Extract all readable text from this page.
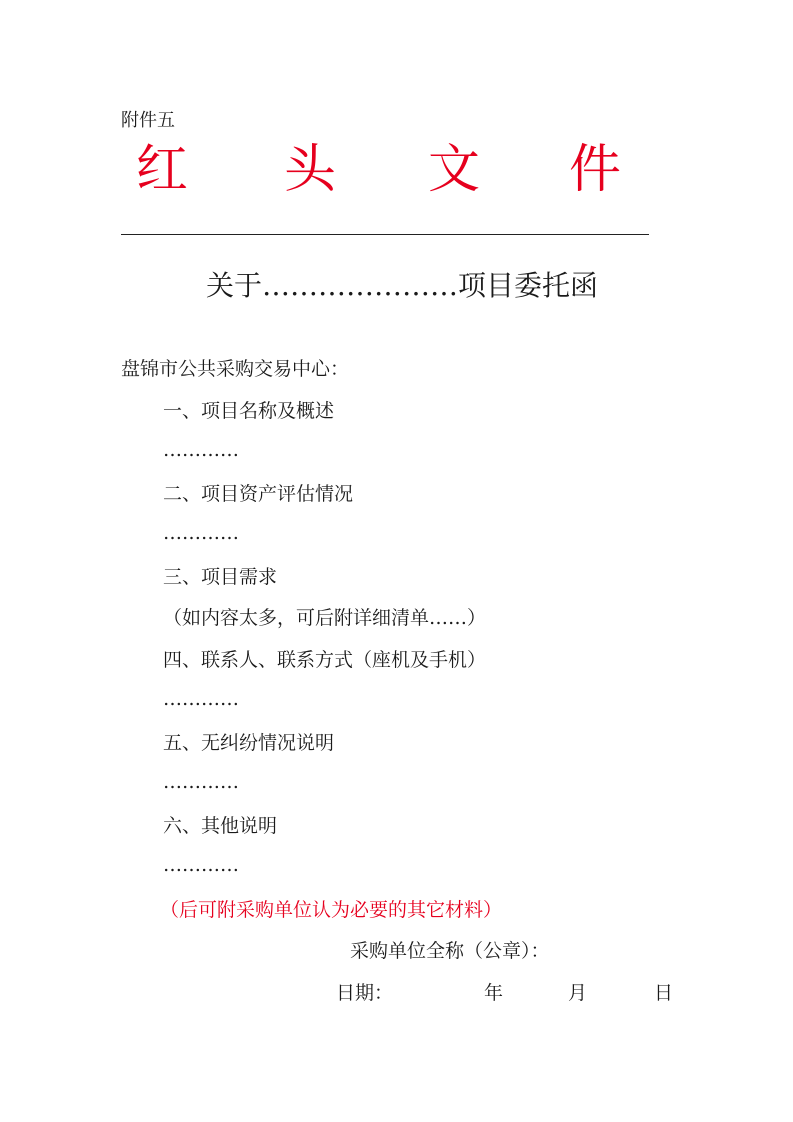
附件五
红 头 文 件
关于…………………项目委托函
盘锦市公共采购交易中心：
一、项目名称及概述
…………
二、项目资产评估情况
…………
三、项目需求
（如内容太多，可后附详细清单……）
四、联系人、联系方式（座机及手机）
…………
五、无纠纷情况说明
…………
六、其他说明
…………
（后可附采购单位认为必要的其它材料）
采购单位全称（公章）：
日期：	年	月	日
